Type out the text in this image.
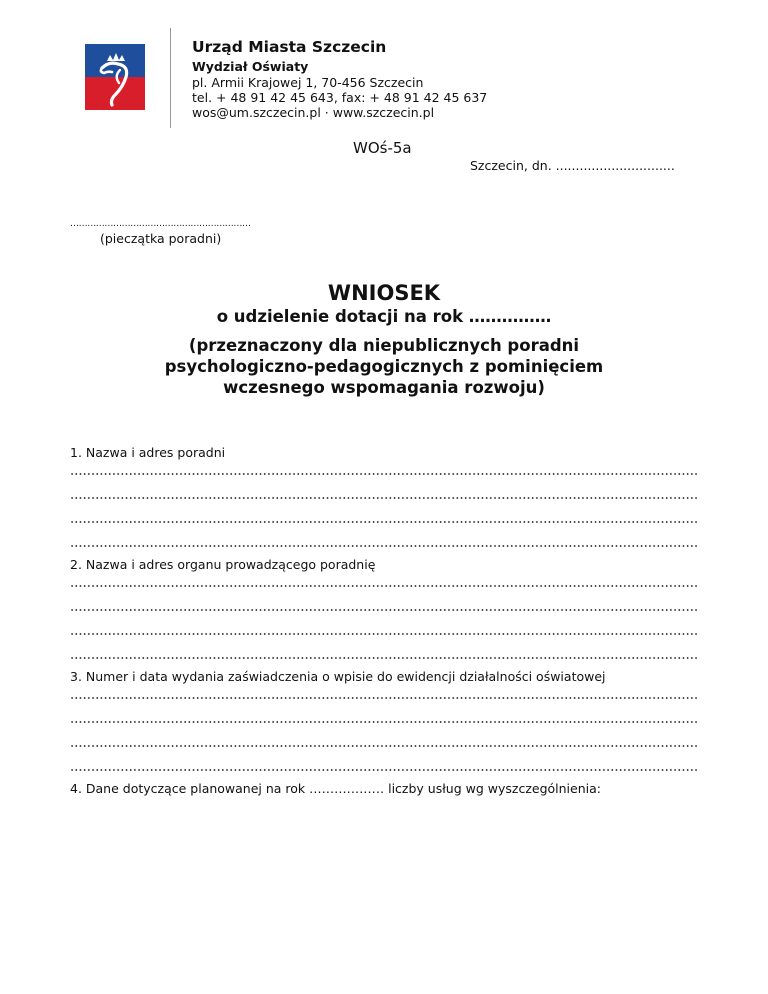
Urząd Miasta Szczecin
Wydział Oświaty
pl. Armii Krajowej 1, 70-456 Szczecin
tel. + 48 91 42 45 643, fax: + 48 91 42 45 637
wos@um.szczecin.pl · www.szczecin.pl
WOś-5a
Szczecin, dn. ..............................
………………………………………………………
(pieczątka poradni)
WNIOSEK
o udzielenie dotacji na rok ……………
(przeznaczony dla niepublicznych poradni
psychologiczno-pedagogicznych z pominięciem
wczesnego wspomagania rozwoju)
1. Nazwa i adres poradni
2. Nazwa i adres organu prowadzącego poradnię
3. Numer i data wydania zaświadczenia o wpisie do ewidencji działalności oświatowej
4. Dane dotyczące planowanej na rok ……………… liczby usług wg wyszczególnienia:
